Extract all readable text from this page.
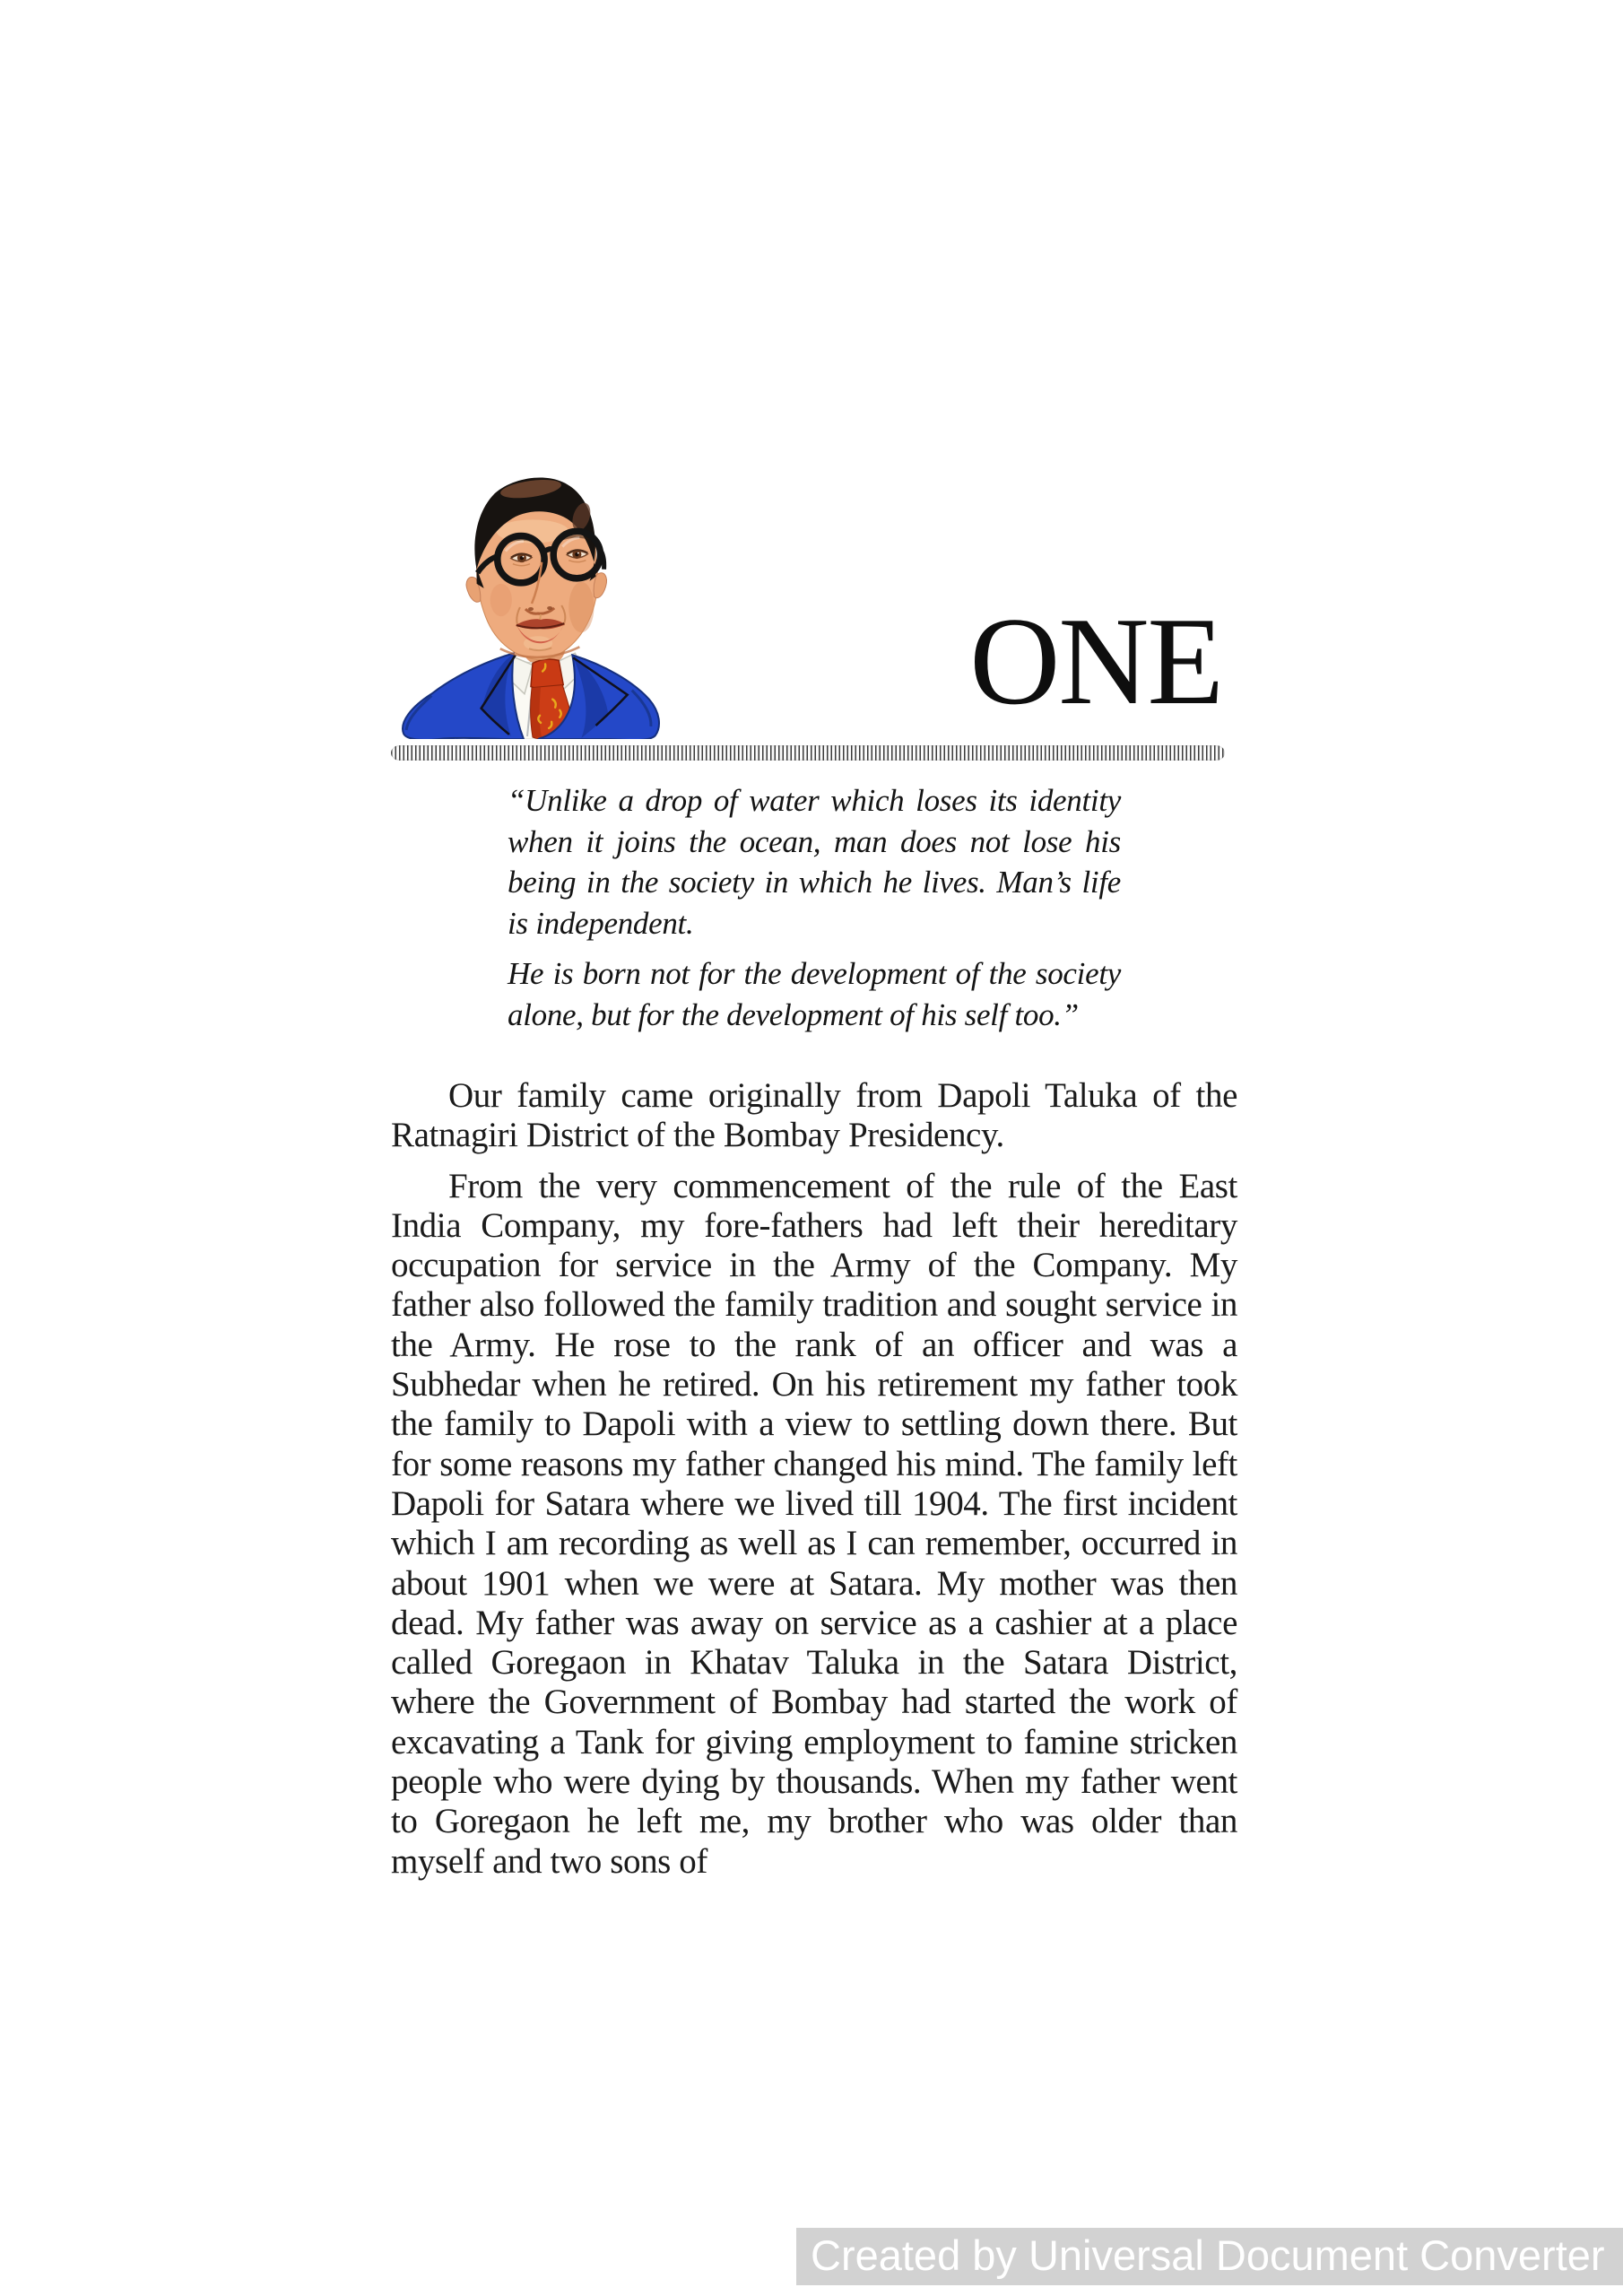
ONE

“Unlike a drop of water which loses its identity when it joins the ocean, man does not lose his being in the society in which he lives. Man’s life is independent.

He is born not for the development of the society alone, but for the development of his self too.”

Our family came originally from Dapoli Taluka of the Ratnagiri District of the Bombay Presidency.

From the very commencement of the rule of the East India Company, my fore-fathers had left their hereditary occupation for service in the Army of the Company. My father also followed the family tradition and sought service in the Army. He rose to the rank of an officer and was a Subhedar when he retired. On his retirement my father took the family to Dapoli with a view to settling down there. But for some reasons my father changed his mind. The family left Dapoli for Satara where we lived till 1904. The first incident which I am recording as well as I can remember, occurred in about 1901 when we were at Satara. My mother was then dead. My father was away on service as a cashier at a place called Goregaon in Khatav Taluka in the Satara District, where the Government of Bombay had started the work of excavating a Tank for giving employment to famine stricken people who were dying by thousands. When my father went to Goregaon he left me, my brother who was older than myself and two sons of

Created by Universal Document Converter
